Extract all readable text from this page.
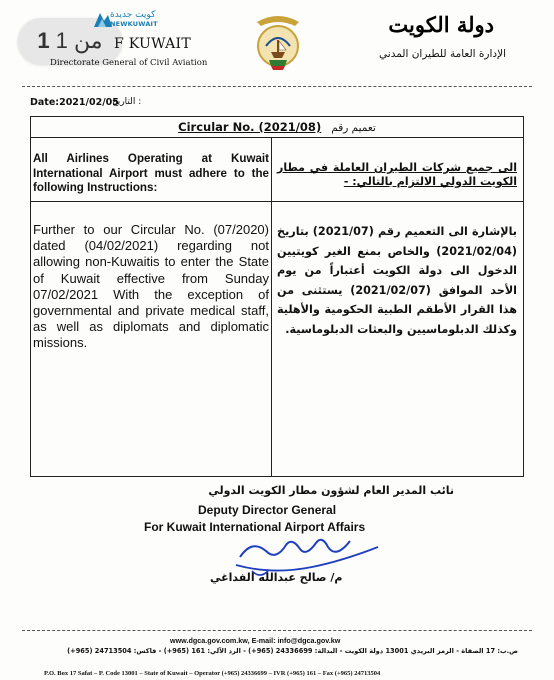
1 من 1
كويت جديدة
NEWKUWAIT
F KUWAIT
Directorate General of Civil Aviation
دولة الكويت
الإدارة العامة للطيران المدني
Date:2021/02/05
: التاريخ
Circular No. (2021/08) تعميم رقم
All Airlines Operating at Kuwait International Airport must adhere to the following Instructions:
الى جميع شركات الطيران العاملة في مطار الكويت الدولي الالتزام بالتالي: -
Further to our Circular No. (07/2020) dated (04/02/2021) regarding not allowing non-Kuwaitis to enter the State of Kuwait effective from Sunday 07/02/2021 With the exception of governmental and private medical staff, as well as diplomats and diplomatic missions.
بالإشارة الى التعميم رقم (2021/07) بتاريخ (2021/02/04) والخاص بمنع الغير كويتيين الدخول الى دولة الكويت أعتباراً من يوم الأحد الموافق (2021/02/07) يستثنى من هذا القرار الأطقم الطبية الحكومية والأهلية وكذلك الدبلوماسيين والبعثات الدبلوماسية.
نائب المدير العام لشؤون مطار الكويت الدولي
Deputy Director General
For Kuwait International Airport Affairs
م/ صالح عبدالله الفداغي
www.dgca.gov.com.kw, E-mail: info@dgca.gov.kw
ص.ب: 17 الصفاة - الرمز البريدي 13001 دولة الكويت - البدالة: 24336699 (965+) - الرد الآلي: 161 (965+) - فاكس: 24713504 (965+)
P.O. Box 17 Safat – P. Code 13001 – State of Kuwait – Operator (+965) 24336699 – IVR (+965) 161 – Fax (+965) 24713504
